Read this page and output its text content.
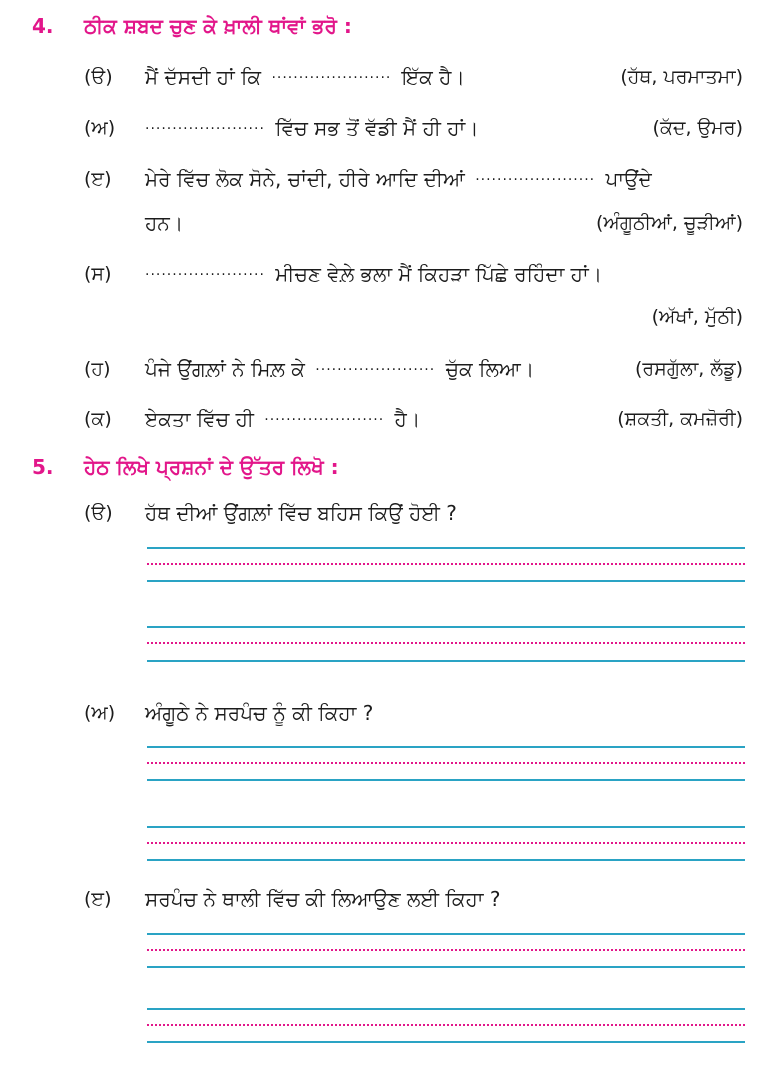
4. ਠੀਕ ਸ਼ਬਦ ਚੁਣ ਕੇ ਖ਼ਾਲੀ ਥਾਂਵਾਂ ਭਰੋ :
(ੳ) ਮੈਂ ਦੱਸਦੀ ਹਾਂ ਕਿ ...................... ਇੱਕ ਹੈ।	(ਹੱਥ, ਪਰਮਾਤਮਾ)
(ਅ) ...................... ਵਿੱਚ ਸਭ ਤੋਂ ਵੱਡੀ ਮੈਂ ਹੀ ਹਾਂ।	(ਕੱਦ, ਉਮਰ)
(ੲ) ਮੇਰੇ ਵਿੱਚ ਲੋਕ ਸੋਨੇ, ਚਾਂਦੀ, ਹੀਰੇ ਆਦਿ ਦੀਆਂ ...................... ਪਾਉਂਦੇ
ਹਨ।	(ਅੰਗੂਠੀਆਂ, ਚੂੜੀਆਂ)
(ਸ) ...................... ਮੀਚਣ ਵੇਲ਼ੇ ਭਲਾ ਮੈਂ ਕਿਹੜਾ ਪਿੱਛੇ ਰਹਿੰਦਾ ਹਾਂ।
(ਅੱਖਾਂ, ਮੁੱਠੀ)
(ਹ) ਪੰਜੇ ਉਂਗਲ਼ਾਂ ਨੇ ਮਿਲ਼ ਕੇ ...................... ਚੁੱਕ ਲਿਆ।	(ਰਸਗੁੱਲਾ, ਲੱਡੂ)
(ਕ) ਏਕਤਾ ਵਿੱਚ ਹੀ ...................... ਹੈ।	(ਸ਼ਕਤੀ, ਕਮਜ਼ੋਰੀ)
5. ਹੇਠ ਲਿਖੇ ਪ੍ਰਸ਼ਨਾਂ ਦੇ ਉੱਤਰ ਲਿਖੋ :
(ੳ) ਹੱਥ ਦੀਆਂ ਉਂਗਲ਼ਾਂ ਵਿੱਚ ਬਹਿਸ ਕਿਉਂ ਹੋਈ ?
(ਅ) ਅੰਗੂਠੇ ਨੇ ਸਰਪੰਚ ਨੂੰ ਕੀ ਕਿਹਾ ?
(ੲ) ਸਰਪੰਚ ਨੇ ਥਾਲੀ ਵਿੱਚ ਕੀ ਲਿਆਉਣ ਲਈ ਕਿਹਾ ?
